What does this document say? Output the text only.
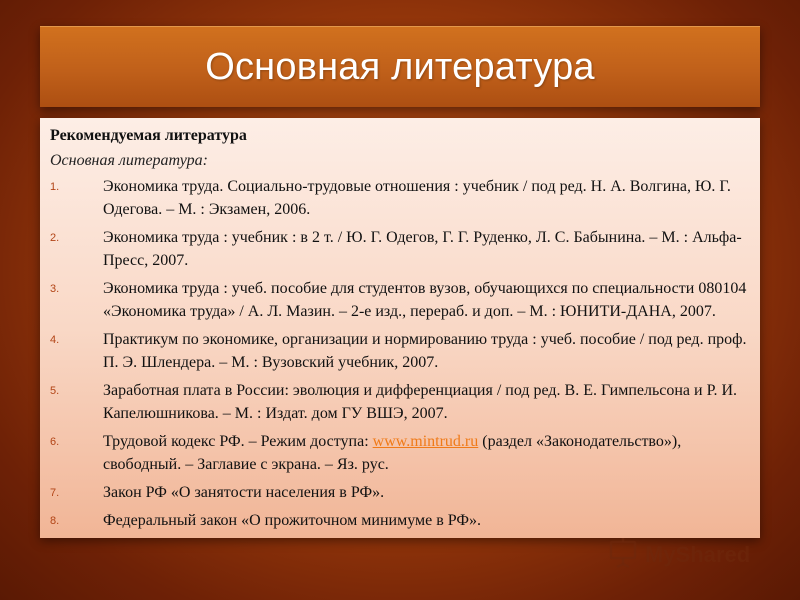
Основная литература
Рекомендуемая литература
Основная литература:
1.	Экономика труда. Социально-трудовые отношения : учебник / под ред. Н. А. Волгина, Ю. Г. Одегова. – М. : Экзамен, 2006.
2.	Экономика труда : учебник : в 2 т. / Ю. Г. Одегов, Г. Г. Руденко, Л. С. Бабынина. – М. : Альфа-Пресс, 2007.
3.	Экономика труда : учеб. пособие для студентов вузов, обучающихся по специальности 080104 «Экономика труда» / А. Л. Мазин. – 2-е изд., перераб. и доп. – М. : ЮНИТИ-ДАНА, 2007.
4.	Практикум по экономике, организации и нормированию труда : учеб. пособие / под ред. проф. П. Э. Шлендера. – М. : Вузовский учебник, 2007.
5.	Заработная плата в России: эволюция и дифференциация / под ред. В. Е. Гимпельсона и Р. И. Капелюшникова. – М. : Издат. дом ГУ ВШЭ, 2007.
6.	Трудовой кодекс РФ. – Режим доступа: www.mintrud.ru (раздел «Законодательство»), свободный. – Заглавие с экрана. – Яз. рус.
7.	Закон РФ «О занятости населения в РФ».
8.	Федеральный закон «О прожиточном минимуме в РФ».
MyShared
